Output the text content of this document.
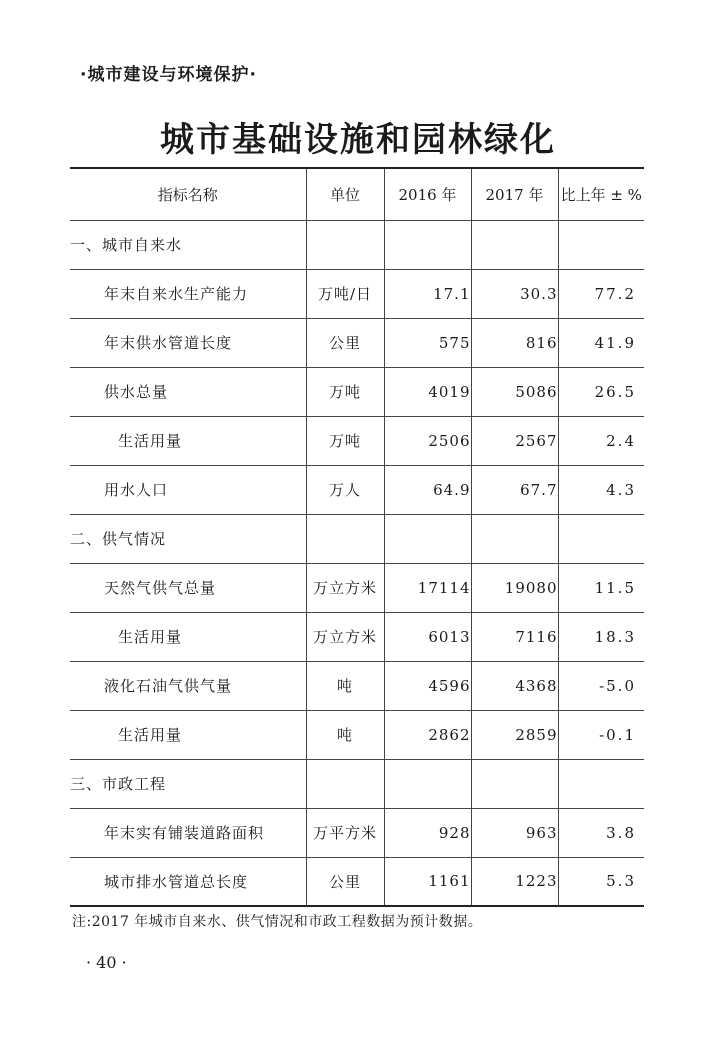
·城市建设与环境保护·
城市基础设施和园林绿化
指标名称	单位	2016 年	2017 年	比上年 ± %
一、城市自来水				
年末自来水生产能力	万吨/日	17.1	30.3	77.2
年末供水管道长度	公里	575	816	41.9
供水总量	万吨	4019	5086	26.5
生活用量	万吨	2506	2567	2.4
用水人口	万人	64.9	67.7	4.3
二、供气情况				
天然气供气总量	万立方米	17114	19080	11.5
生活用量	万立方米	6013	7116	18.3
液化石油气供气量	吨	4596	4368	-5.0
生活用量	吨	2862	2859	-0.1
三、市政工程				
年末实有铺装道路面积	万平方米	928	963	3.8
城市排水管道总长度	公里	1161	1223	5.3
注:2017 年城市自来水、供气情况和市政工程数据为预计数据。
· 40 ·
